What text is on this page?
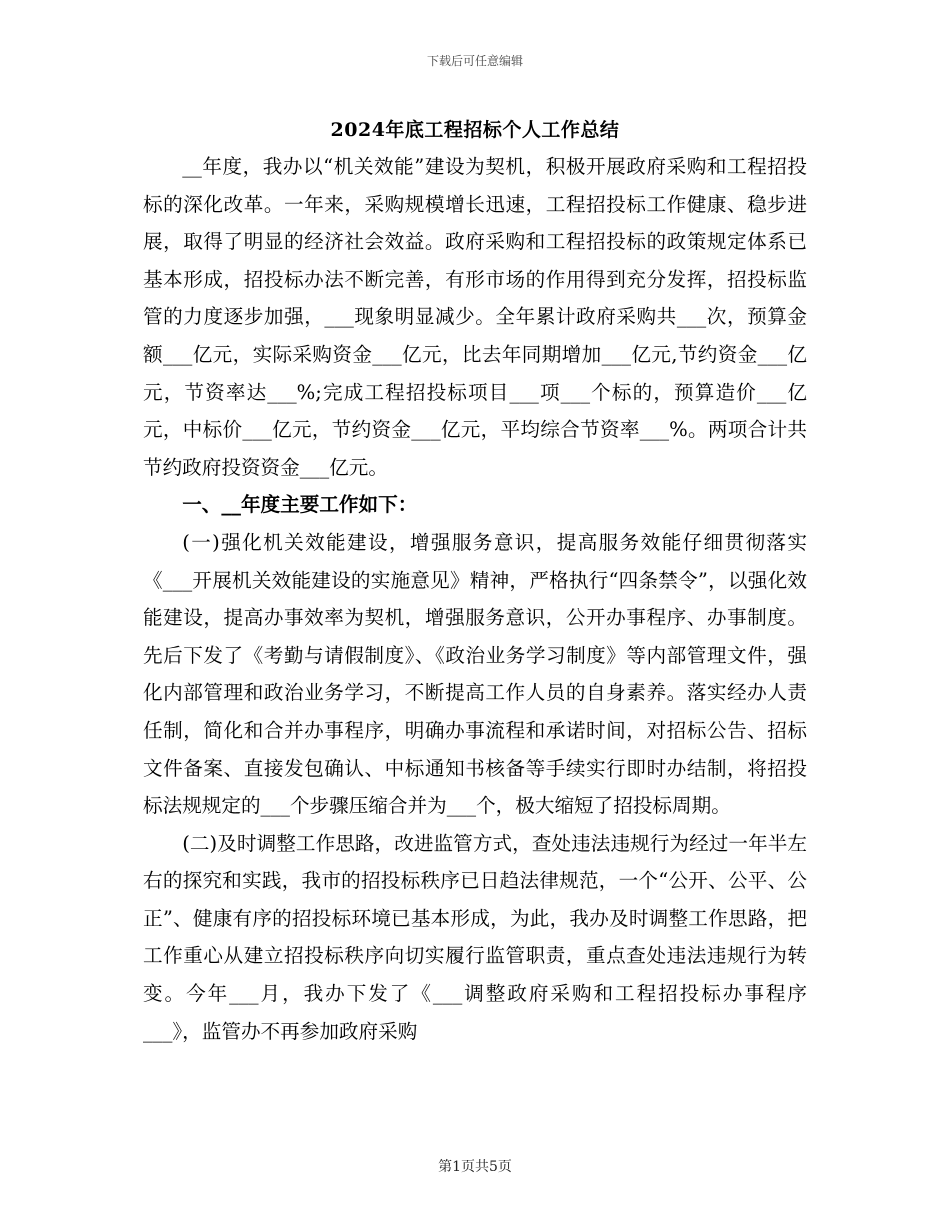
下载后可任意编辑
2024年底工程招标个人工作总结

__年度，我办以“机关效能”建设为契机，积极开展政府采购和工程招投标的深化改革。一年来，采购规模增长迅速，工程招投标工作健康、稳步进展，取得了明显的经济社会效益。政府采购和工程招投标的政策规定体系已基本形成，招投标办法不断完善，有形市场的作用得到充分发挥，招投标监管的力度逐步加强，___现象明显减少。全年累计政府采购共___次，预算金额___亿元，实际采购资金___亿元，比去年同期增加___亿元,节约资金___亿元，节资率达___%;完成工程招投标项目___项___个标的，预算造价___亿元，中标价___亿元，节约资金___亿元，平均综合节资率___%。两项合计共节约政府投资资金___亿元。

一、__年度主要工作如下：

(一)强化机关效能建设，增强服务意识，提高服务效能仔细贯彻落实《___开展机关效能建设的实施意见》精神，严格执行“四条禁令”，以强化效能建设，提高办事效率为契机，增强服务意识，公开办事程序、办事制度。先后下发了《考勤与请假制度》、《政治业务学习制度》等内部管理文件，强化内部管理和政治业务学习，不断提高工作人员的自身素养。落实经办人责任制，简化和合并办事程序，明确办事流程和承诺时间，对招标公告、招标文件备案、直接发包确认、中标通知书核备等手续实行即时办结制，将招投标法规规定的___个步骤压缩合并为___个，极大缩短了招投标周期。

(二)及时调整工作思路，改进监管方式，查处违法违规行为经过一年半左右的探究和实践，我市的招投标秩序已日趋法律规范，一个“公开、公平、公正”、健康有序的招投标环境已基本形成，为此，我办及时调整工作思路，把工作重心从建立招投标秩序向切实履行监管职责，重点查处违法违规行为转变。今年___月，我办下发了《___调整政府采购和工程招投标办事程序___》，监管办不再参加政府采购

第1页共5页
